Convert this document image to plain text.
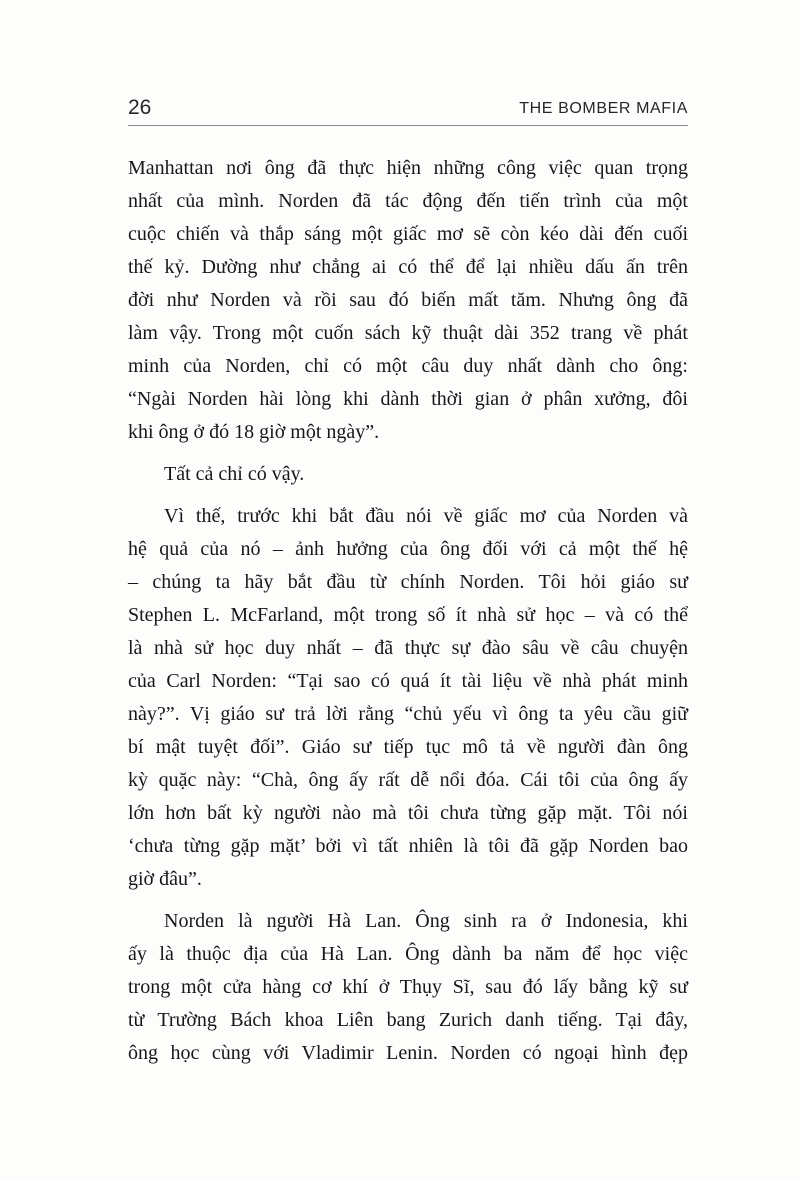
26	THE BOMBER MAFIA
Manhattan nơi ông đã thực hiện những công việc quan trọng
nhất của mình. Norden đã tác động đến tiến trình của một
cuộc chiến và thắp sáng một giấc mơ sẽ còn kéo dài đến cuối
thế kỷ. Dường như chẳng ai có thể để lại nhiều dấu ấn trên
đời như Norden và rồi sau đó biến mất tăm. Nhưng ông đã
làm vậy. Trong một cuốn sách kỹ thuật dài 352 trang về phát
minh của Norden, chỉ có một câu duy nhất dành cho ông:
“Ngài Norden hài lòng khi dành thời gian ở phân xưởng, đôi
khi ông ở đó 18 giờ một ngày”.
Tất cả chỉ có vậy.
Vì thế, trước khi bắt đầu nói về giấc mơ của Norden và
hệ quả của nó – ảnh hưởng của ông đối với cả một thế hệ
– chúng ta hãy bắt đầu từ chính Norden. Tôi hỏi giáo sư
Stephen L. McFarland, một trong số ít nhà sử học – và có thể
là nhà sử học duy nhất – đã thực sự đào sâu về câu chuyện
của Carl Norden: “Tại sao có quá ít tài liệu về nhà phát minh
này?”. Vị giáo sư trả lời rằng “chủ yếu vì ông ta yêu cầu giữ
bí mật tuyệt đối”. Giáo sư tiếp tục mô tả về người đàn ông
kỳ quặc này: “Chà, ông ấy rất dễ nổi đóa. Cái tôi của ông ấy
lớn hơn bất kỳ người nào mà tôi chưa từng gặp mặt. Tôi nói
‘chưa từng gặp mặt’ bởi vì tất nhiên là tôi đã gặp Norden bao
giờ đâu”.
Norden là người Hà Lan. Ông sinh ra ở Indonesia, khi
ấy là thuộc địa của Hà Lan. Ông dành ba năm để học việc
trong một cửa hàng cơ khí ở Thụy Sĩ, sau đó lấy bằng kỹ sư
từ Trường Bách khoa Liên bang Zurich danh tiếng. Tại đây,
ông học cùng với Vladimir Lenin. Norden có ngoại hình đẹp
